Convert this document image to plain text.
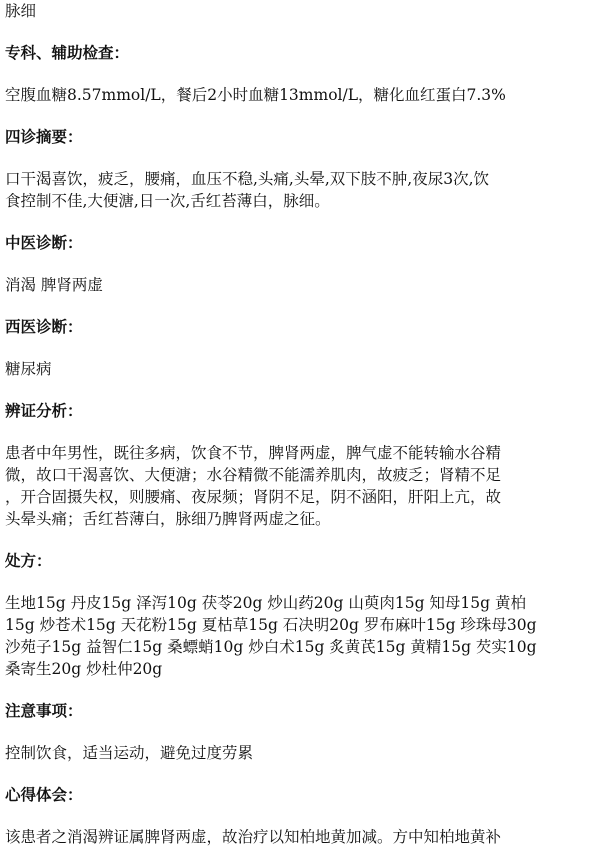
脉细
专科、辅助检查：
空腹血糖8.57mmol/L，餐后2小时血糖13mmol/L，糖化血红蛋白7.3%
四诊摘要：
口干渴喜饮，疲乏，腰痛，血压不稳,头痛,头晕,双下肢不肿,夜尿3次,饮
食控制不佳,大便溏,日一次,舌红苔薄白，脉细。
中医诊断：
消渴 脾肾两虚
西医诊断：
糖尿病
辨证分析：
患者中年男性，既往多病，饮食不节，脾肾两虚，脾气虚不能转输水谷精
微，故口干渴喜饮、大便溏；水谷精微不能濡养肌肉，故疲乏；肾精不足
，开合固摄失权，则腰痛、夜尿频；肾阴不足，阴不涵阳，肝阳上亢，故
头晕头痛；舌红苔薄白，脉细乃脾肾两虚之征。
处方：
生地15g 丹皮15g 泽泻10g 茯苓20g 炒山药20g 山萸肉15g 知母15g 黄柏
15g 炒苍术15g 天花粉15g 夏枯草15g 石决明20g 罗布麻叶15g 珍珠母30g
沙苑子15g 益智仁15g 桑螵蛸10g 炒白术15g 炙黄芪15g 黄精15g 芡实10g
桑寄生20g 炒杜仲20g
注意事项：
控制饮食，适当运动，避免过度劳累
心得体会：
该患者之消渴辨证属脾肾两虚，故治疗以知柏地黄加减。方中知柏地黄补
